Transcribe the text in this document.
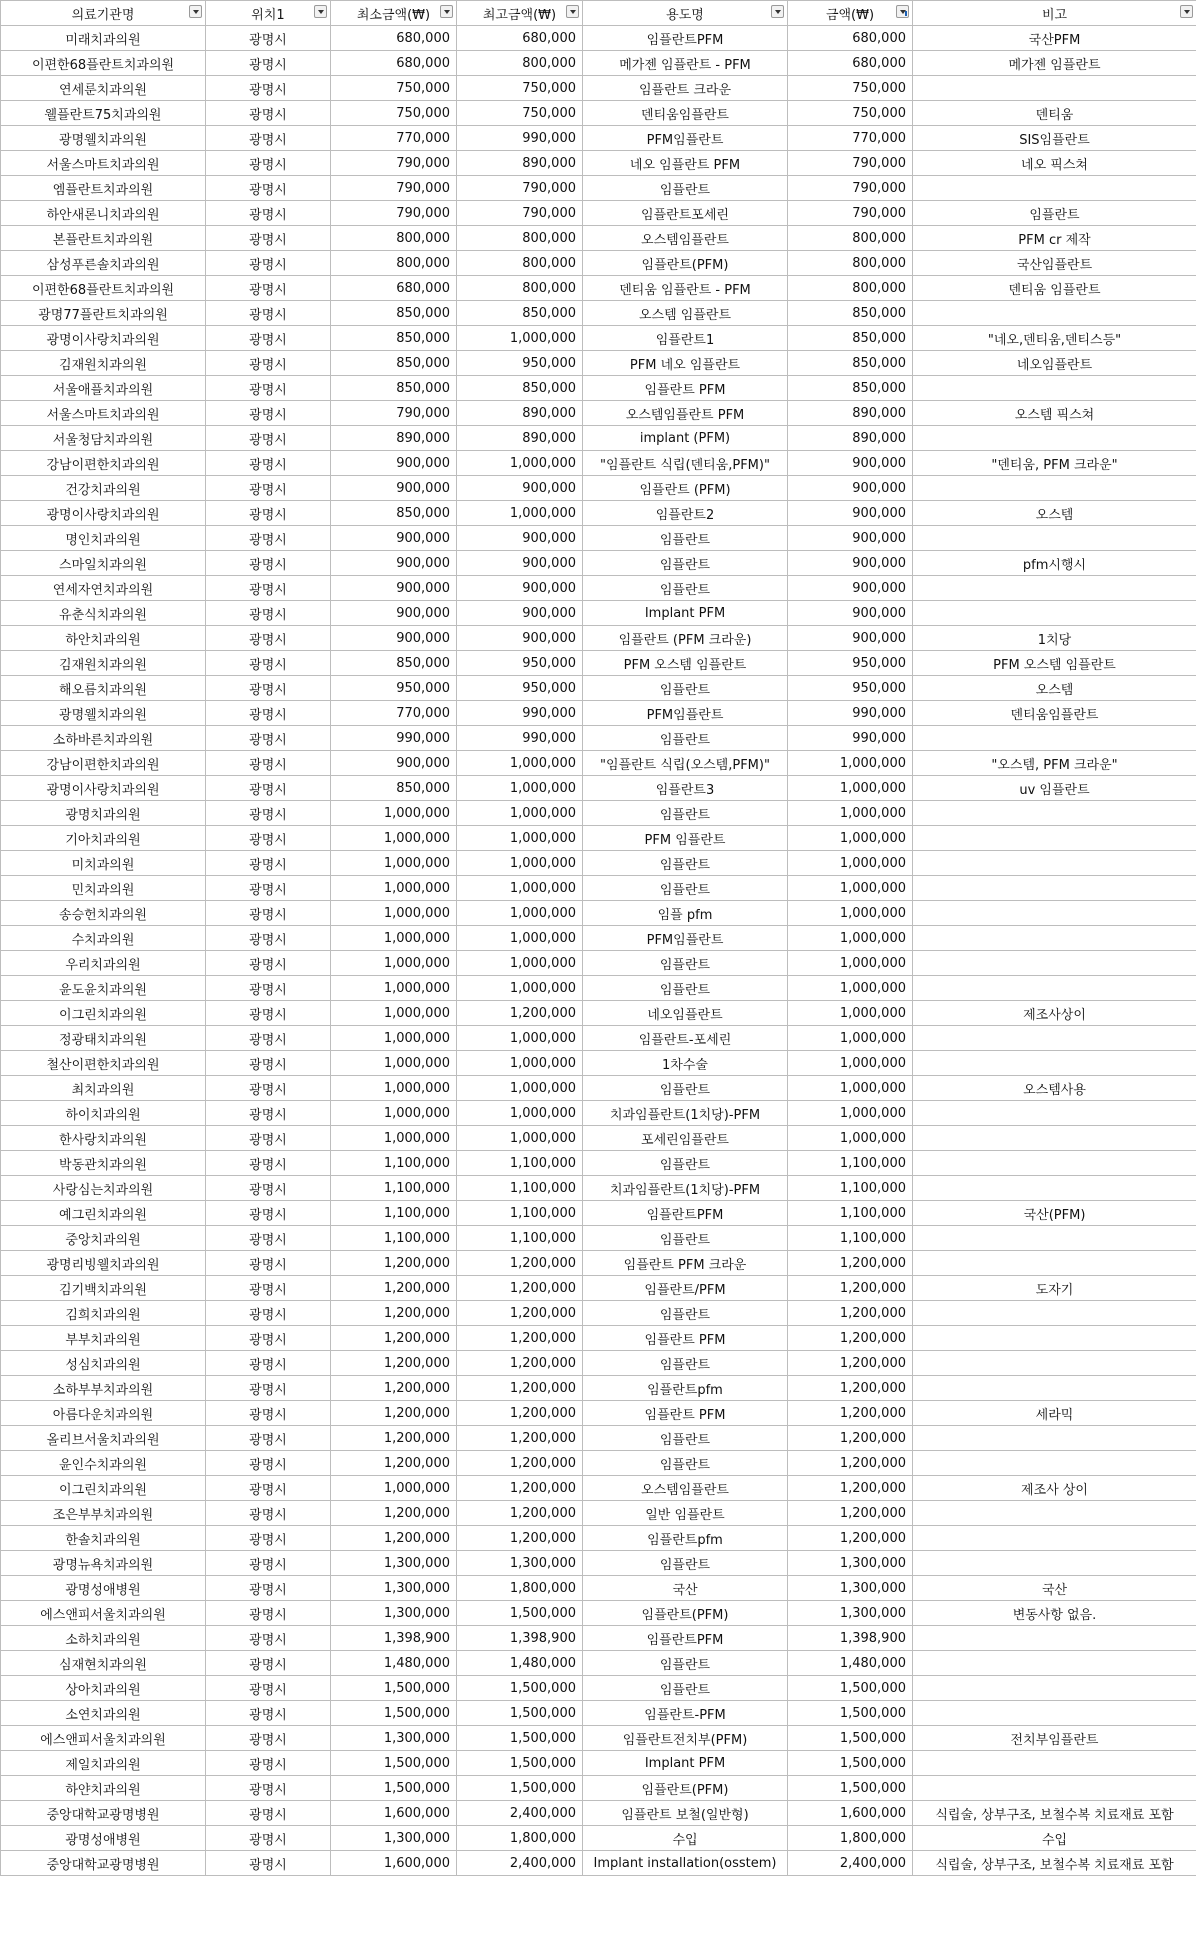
의료기관명	위치1	최소금액(₩)	최고금액(₩)	용도명	금액(₩)	비고

미래치과의원	광명시	680,000	680,000	임플란트PFM	680,000	국산PFM
이편한68플란트치과의원	광명시	680,000	800,000	메가젠 임플란트 - PFM	680,000	메가젠 임플란트
연세룬치과의원	광명시	750,000	750,000	임플란트 크라운	750,000	
웰플란트75치과의원	광명시	750,000	750,000	덴티움임플란트	750,000	덴티움
광명웰치과의원	광명시	770,000	990,000	PFM임플란트	770,000	SIS임플란트
서울스마트치과의원	광명시	790,000	890,000	네오 임플란트 PFM	790,000	네오 픽스쳐
엠플란트치과의원	광명시	790,000	790,000	임플란트	790,000	
하안새론니치과의원	광명시	790,000	790,000	임플란트포세린	790,000	임플란트
본플란트치과의원	광명시	800,000	800,000	오스템임플란트	800,000	PFM cr 제작
삼성푸른솔치과의원	광명시	800,000	800,000	임플란트(PFM)	800,000	국산임플란트
이편한68플란트치과의원	광명시	680,000	800,000	덴티움 임플란트 - PFM	800,000	덴티움 임플란트
광명77플란트치과의원	광명시	850,000	850,000	오스템 임플란트	850,000	
광명이사랑치과의원	광명시	850,000	1,000,000	임플란트1	850,000	"네오,덴티움,덴티스등"
김재원치과의원	광명시	850,000	950,000	PFM 네오 임플란트	850,000	네오임플란트
서울애플치과의원	광명시	850,000	850,000	임플란트 PFM	850,000	
서울스마트치과의원	광명시	790,000	890,000	오스템임플란트 PFM	890,000	오스템 픽스쳐
서울청담치과의원	광명시	890,000	890,000	implant (PFM)	890,000	
강남이편한치과의원	광명시	900,000	1,000,000	"임플란트 식립(덴티움,PFM)"	900,000	"덴티움, PFM 크라운"
건강치과의원	광명시	900,000	900,000	임플란트 (PFM)	900,000	
광명이사랑치과의원	광명시	850,000	1,000,000	임플란트2	900,000	오스템
명인치과의원	광명시	900,000	900,000	임플란트	900,000	
스마일치과의원	광명시	900,000	900,000	임플란트	900,000	pfm시행시
연세자연치과의원	광명시	900,000	900,000	임플란트	900,000	
유춘식치과의원	광명시	900,000	900,000	Implant PFM	900,000	
하안치과의원	광명시	900,000	900,000	임플란트 (PFM 크라운)	900,000	1치당
김재원치과의원	광명시	850,000	950,000	PFM 오스템 임플란트	950,000	PFM 오스템 임플란트
해오름치과의원	광명시	950,000	950,000	임플란트	950,000	오스템
광명웰치과의원	광명시	770,000	990,000	PFM임플란트	990,000	덴티움임플란트
소하바른치과의원	광명시	990,000	990,000	임플란트	990,000	
강남이편한치과의원	광명시	900,000	1,000,000	"임플란트 식립(오스템,PFM)"	1,000,000	"오스템, PFM 크라운"
광명이사랑치과의원	광명시	850,000	1,000,000	임플란트3	1,000,000	uv 임플란트
광명치과의원	광명시	1,000,000	1,000,000	임플란트	1,000,000	
기아치과의원	광명시	1,000,000	1,000,000	PFM 임플란트	1,000,000	
미치과의원	광명시	1,000,000	1,000,000	임플란트	1,000,000	
민치과의원	광명시	1,000,000	1,000,000	임플란트	1,000,000	
송승헌치과의원	광명시	1,000,000	1,000,000	임플 pfm	1,000,000	
수치과의원	광명시	1,000,000	1,000,000	PFM임플란트	1,000,000	
우리치과의원	광명시	1,000,000	1,000,000	임플란트	1,000,000	
윤도윤치과의원	광명시	1,000,000	1,000,000	임플란트	1,000,000	
이그린치과의원	광명시	1,000,000	1,200,000	네오임플란트	1,000,000	제조사상이
정광태치과의원	광명시	1,000,000	1,000,000	임플란트-포세린	1,000,000	
철산이편한치과의원	광명시	1,000,000	1,000,000	1차수술	1,000,000	
최치과의원	광명시	1,000,000	1,000,000	임플란트	1,000,000	오스템사용
하이치과의원	광명시	1,000,000	1,000,000	치과임플란트(1치당)-PFM	1,000,000	
한사랑치과의원	광명시	1,000,000	1,000,000	포세린임플란트	1,000,000	
박동관치과의원	광명시	1,100,000	1,100,000	임플란트	1,100,000	
사랑심는치과의원	광명시	1,100,000	1,100,000	치과임플란트(1치당)-PFM	1,100,000	
예그린치과의원	광명시	1,100,000	1,100,000	임플란트PFM	1,100,000	국산(PFM)
중앙치과의원	광명시	1,100,000	1,100,000	임플란트	1,100,000	
광명리빙웰치과의원	광명시	1,200,000	1,200,000	임플란트 PFM 크라운	1,200,000	
김기백치과의원	광명시	1,200,000	1,200,000	임플란트/PFM	1,200,000	도자기
김희치과의원	광명시	1,200,000	1,200,000	임플란트	1,200,000	
부부치과의원	광명시	1,200,000	1,200,000	임플란트 PFM	1,200,000	
성심치과의원	광명시	1,200,000	1,200,000	임플란트	1,200,000	
소하부부치과의원	광명시	1,200,000	1,200,000	임플란트pfm	1,200,000	
아름다운치과의원	광명시	1,200,000	1,200,000	임플란트 PFM	1,200,000	세라믹
올리브서울치과의원	광명시	1,200,000	1,200,000	임플란트	1,200,000	
윤인수치과의원	광명시	1,200,000	1,200,000	임플란트	1,200,000	
이그린치과의원	광명시	1,000,000	1,200,000	오스템임플란트	1,200,000	제조사 상이
조은부부치과의원	광명시	1,200,000	1,200,000	일반 임플란트	1,200,000	
한솔치과의원	광명시	1,200,000	1,200,000	임플란트pfm	1,200,000	
광명뉴욕치과의원	광명시	1,300,000	1,300,000	임플란트	1,300,000	
광명성애병원	광명시	1,300,000	1,800,000	국산	1,300,000	국산
에스앤피서울치과의원	광명시	1,300,000	1,500,000	임플란트(PFM)	1,300,000	변동사항 없음.
소하치과의원	광명시	1,398,900	1,398,900	임플란트PFM	1,398,900	
심재현치과의원	광명시	1,480,000	1,480,000	임플란트	1,480,000	
상아치과의원	광명시	1,500,000	1,500,000	임플란트	1,500,000	
소연치과의원	광명시	1,500,000	1,500,000	임플란트-PFM	1,500,000	
에스앤피서울치과의원	광명시	1,300,000	1,500,000	임플란트전치부(PFM)	1,500,000	전치부임플란트
제일치과의원	광명시	1,500,000	1,500,000	Implant PFM	1,500,000	
하얀치과의원	광명시	1,500,000	1,500,000	임플란트(PFM)	1,500,000	
중앙대학교광명병원	광명시	1,600,000	2,400,000	임플란트 보철(일반형)	1,600,000	식립술, 상부구조, 보철수복 치료재료 포함
광명성애병원	광명시	1,300,000	1,800,000	수입	1,800,000	수입
중앙대학교광명병원	광명시	1,600,000	2,400,000	Implant installation(osstem)	2,400,000	식립술, 상부구조, 보철수복 치료재료 포함
